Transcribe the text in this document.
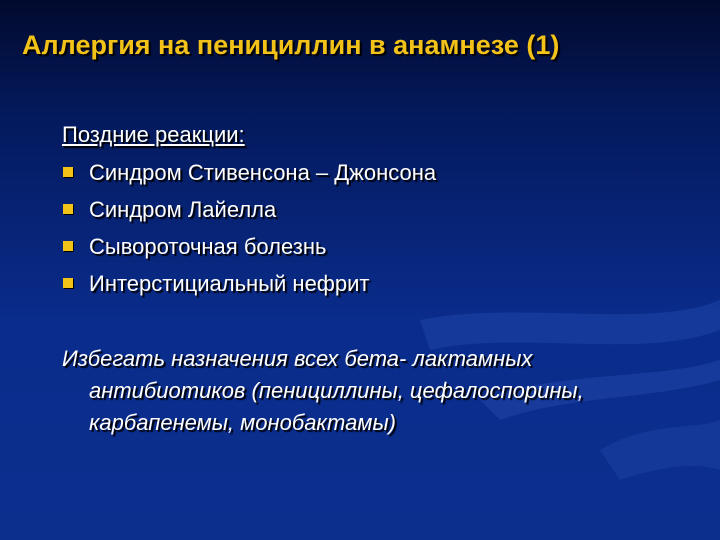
Аллергия на пенициллин в анамнезе (1)
Поздние реакции:
Синдром Стивенсона – Джонсона
Синдром Лайелла
Сывороточная болезнь
Интерстициальный нефрит
Избегать назначения всех бета- лактамных антибиотиков (пенициллины, цефалоспорины, карбапенемы, монобактамы)
